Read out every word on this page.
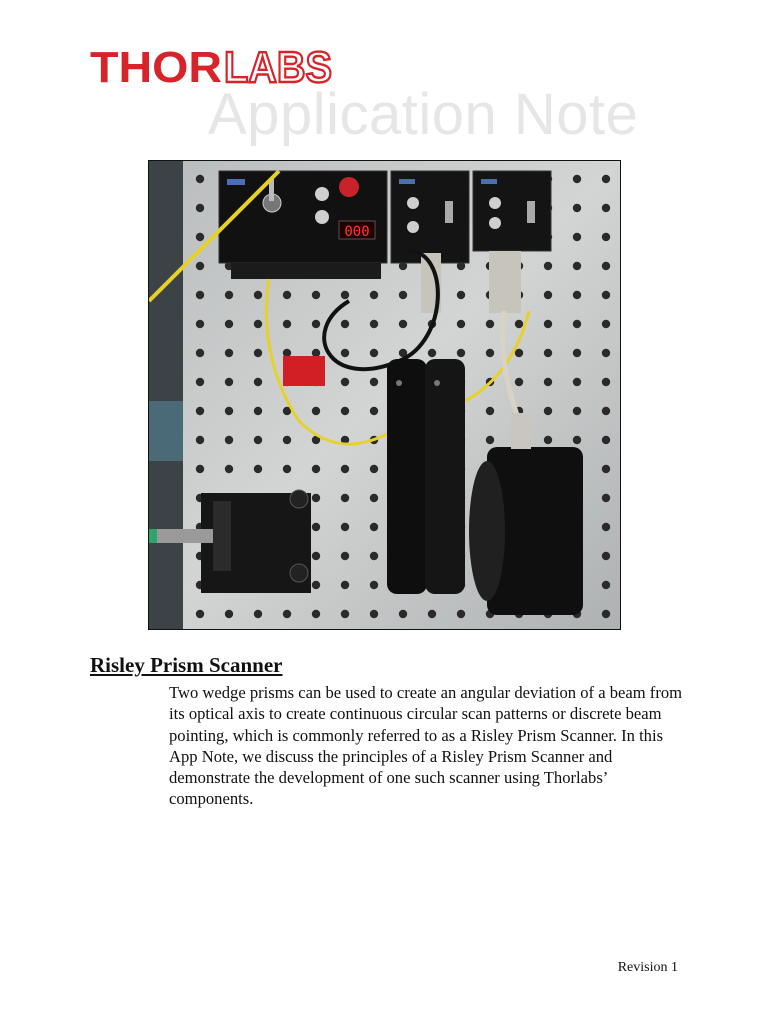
THOR LABS
Application Note
000
Risley Prism Scanner

Two wedge prisms can be used to create an angular deviation of a beam from its optical axis to create continuous circular scan patterns or discrete beam pointing, which is commonly referred to as a Risley Prism Scanner. In this App Note, we discuss the principles of a Risley Prism Scanner and demonstrate the development of one such scanner using Thorlabs’ components.

Revision 1
